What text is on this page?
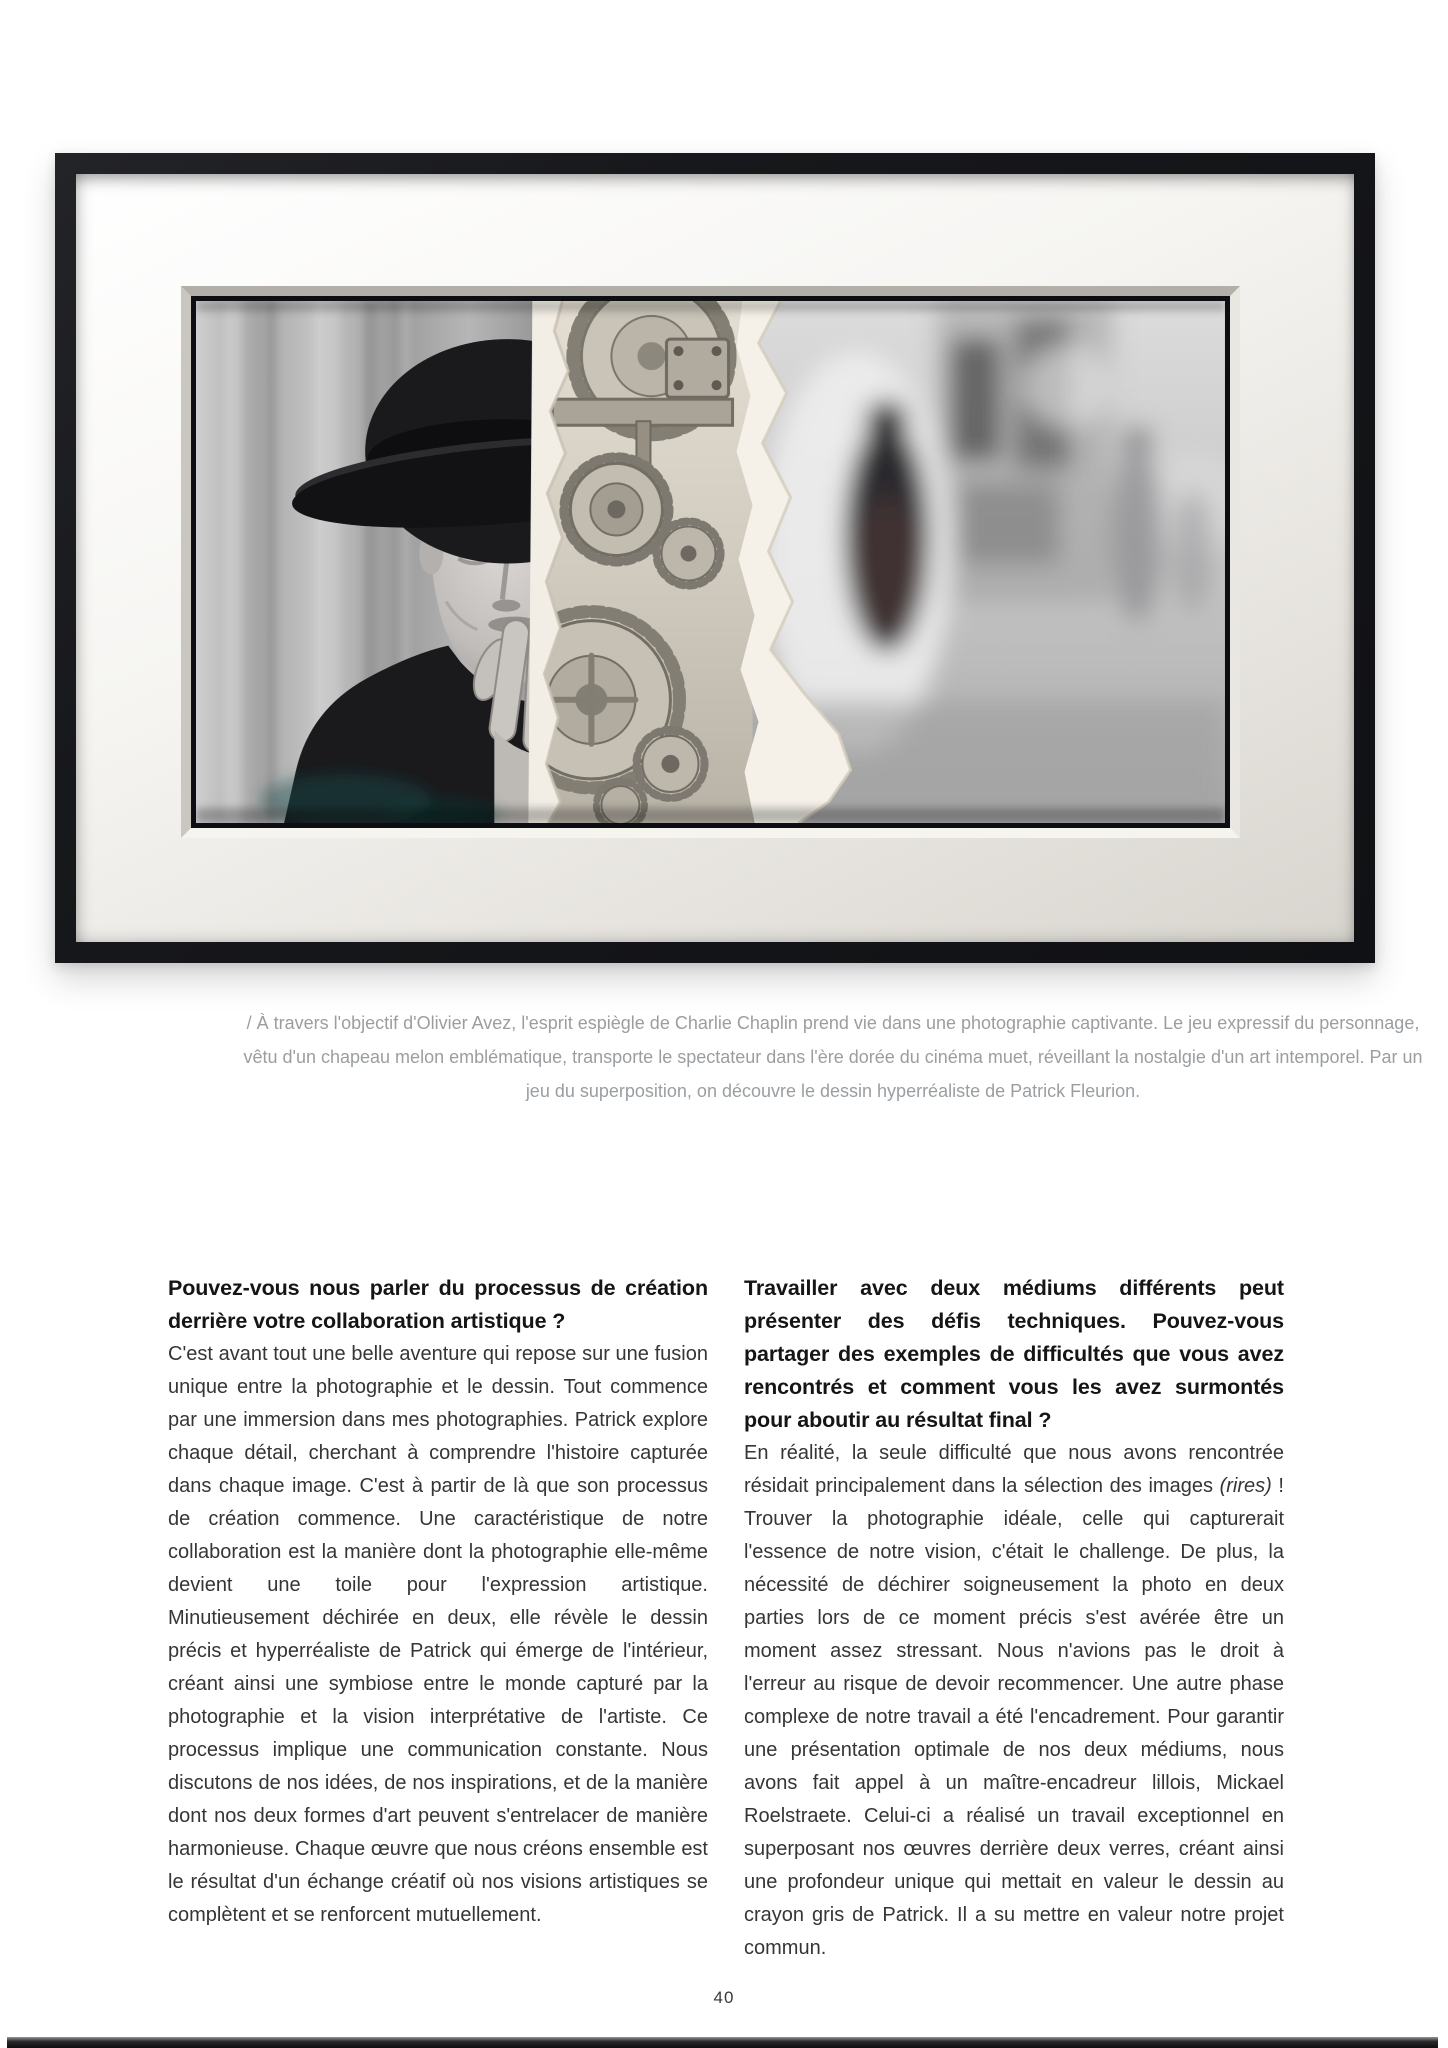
/ À travers l'objectif d'Olivier Avez, l'esprit espiègle de Charlie Chaplin prend vie dans une photographie captivante. Le jeu expressif du personnage, vêtu d'un chapeau melon emblématique, transporte le spectateur dans l'ère dorée du cinéma muet, réveillant la nostalgie d'un art intemporel. Par un jeu du superposition, on découvre le dessin hyperréaliste de Patrick Fleurion.

Pouvez-vous nous parler du processus de création derrière votre collaboration artistique ?

C'est avant tout une belle aventure qui repose sur une fusion unique entre la photographie et le dessin. Tout commence par une immersion dans mes photographies. Patrick explore chaque détail, cherchant à comprendre l'histoire capturée dans chaque image. C'est à partir de là que son processus de création commence. Une caractéristique de notre collaboration est la manière dont la photographie elle-même devient une toile pour l'expression artistique. Minutieusement déchirée en deux, elle révèle le dessin précis et hyperréaliste de Patrick qui émerge de l'intérieur, créant ainsi une symbiose entre le monde capturé par la photographie et la vision interprétative de l'artiste. Ce processus implique une communication constante. Nous discutons de nos idées, de nos inspirations, et de la manière dont nos deux formes d'art peuvent s'entrelacer de manière harmonieuse. Chaque œuvre que nous créons ensemble est le résultat d'un échange créatif où nos visions artistiques se complètent et se renforcent mutuellement.

Travailler avec deux médiums différents peut présenter des défis techniques. Pouvez-vous partager des exemples de difficultés que vous avez rencontrés et comment vous les avez surmontés pour aboutir au résultat final ?

En réalité, la seule difficulté que nous avons rencontrée résidait principalement dans la sélection des images (rires) ! Trouver la photographie idéale, celle qui capturerait l'essence de notre vision, c'était le challenge. De plus, la nécessité de déchirer soigneusement la photo en deux parties lors de ce moment précis s'est avérée être un moment assez stressant. Nous n'avions pas le droit à l'erreur au risque de devoir recommencer. Une autre phase complexe de notre travail a été l'encadrement. Pour garantir une présentation optimale de nos deux médiums, nous avons fait appel à un maître-encadreur lillois, Mickael Roelstraete. Celui-ci a réalisé un travail exceptionnel en superposant nos œuvres derrière deux verres, créant ainsi une profondeur unique qui mettait en valeur le dessin au crayon gris de Patrick. Il a su mettre en valeur notre projet commun.

40
